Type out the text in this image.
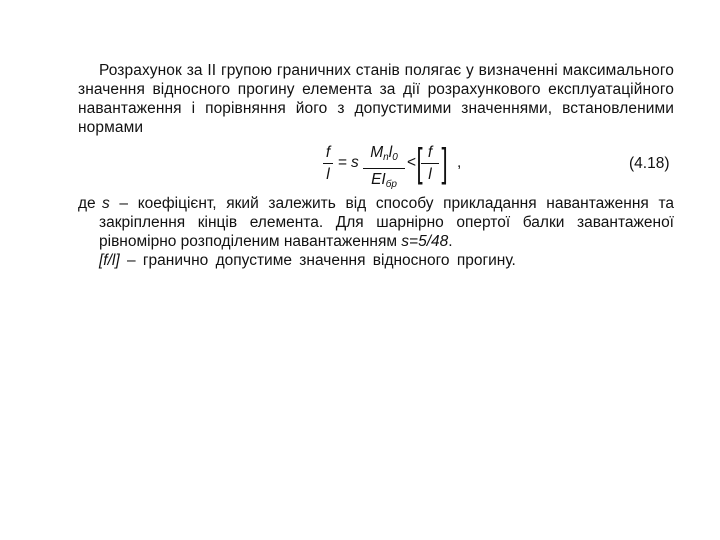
Розрахунок за II групою граничних станів полягає у визначенні максимального значення відносного прогину елемента за дії розрахункового експлуатаційного навантаження і порівняння його з допустимими значеннями, встановленими нормами
f
l
= s
$M_nl_0$
$EI_{бр}$
< [ f
l ] ,	(4.18)
де s – коефіцієнт, який залежить від способу прикладання навантаження та закріплення кінців елемента. Для шарнірно опертої балки завантаженої рівномірно розподіленим навантаженням s=5/48.
[f/l] – гранично допустиме значення відносного прогину.
